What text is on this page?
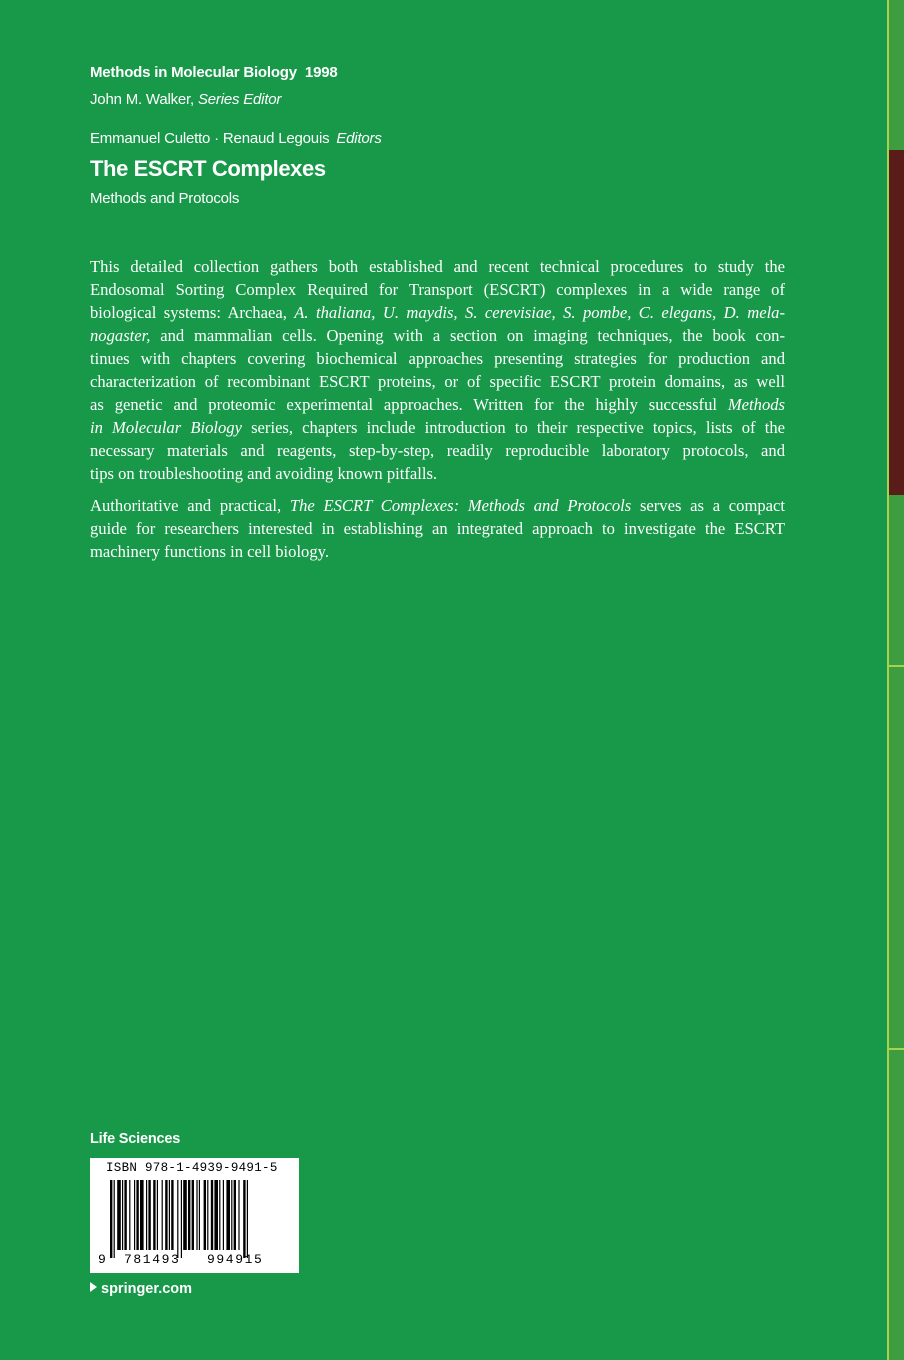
Methods in Molecular Biology 1998
John M. Walker, Series Editor
Emmanuel Culetto · Renaud Legouis Editors
The ESCRT Complexes
Methods and Protocols

This detailed collection gathers both established and recent technical procedures to study the
Endosomal Sorting Complex Required for Transport (ESCRT) complexes in a wide range of
biological systems: Archaea, A. thaliana, U. maydis, S. cerevisiae, S. pombe, C. elegans, D. mela-
nogaster, and mammalian cells. Opening with a section on imaging techniques, the book con-
tinues with chapters covering biochemical approaches presenting strategies for production and
characterization of recombinant ESCRT proteins, or of specific ESCRT protein domains, as well
as genetic and proteomic experimental approaches. Written for the highly successful Methods
in Molecular Biology series, chapters include introduction to their respective topics, lists of the
necessary materials and reagents, step-by-step, readily reproducible laboratory protocols, and
tips on troubleshooting and avoiding known pitfalls.

Authoritative and practical, The ESCRT Complexes: Methods and Protocols serves as a compact
guide for researchers interested in establishing an integrated approach to investigate the ESCRT
machinery functions in cell biology.

Life Sciences
ISBN 978-1-4939-9491-5
9 781493 994915
springer.com
